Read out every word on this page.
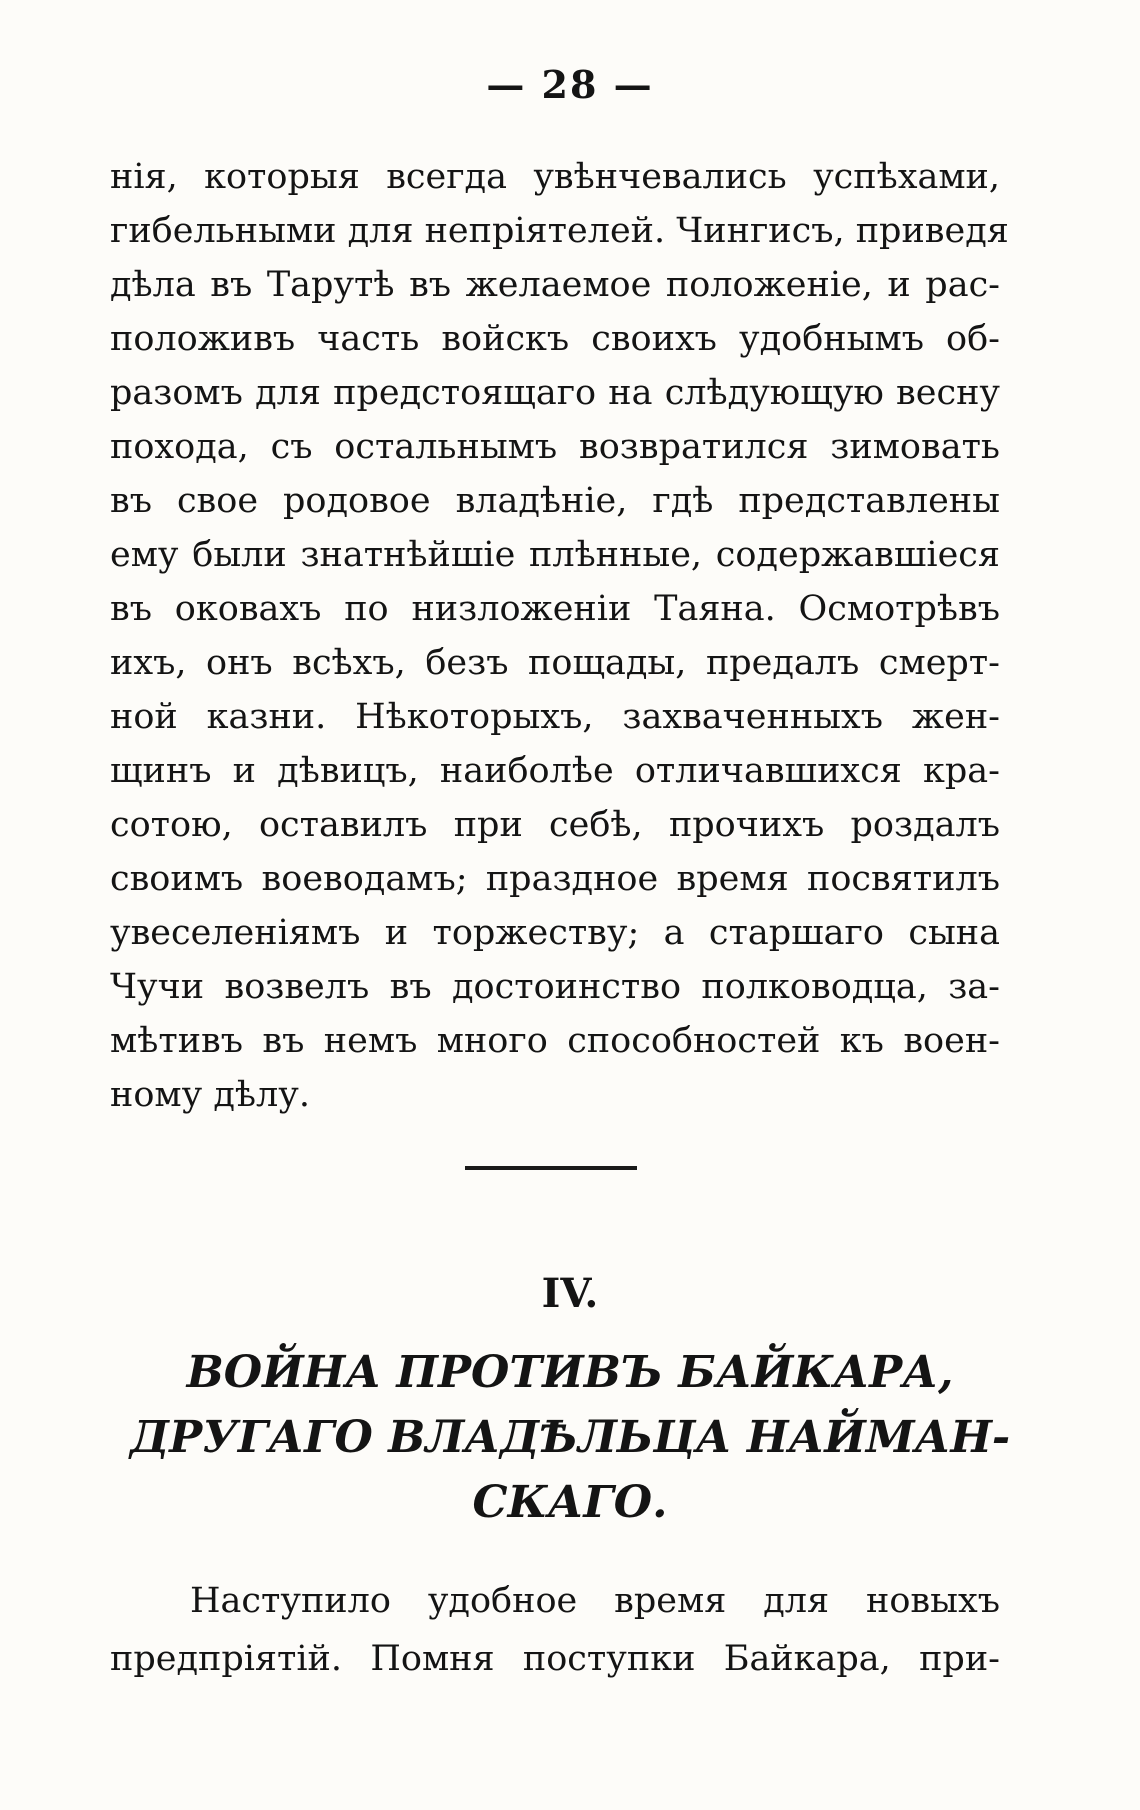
— 28 —
нія, которыя всегда увѣнчевались успѣхами,
гибельными для непріятелей. Чингисъ, приведя
дѣла въ Тарутѣ въ желаемое положеніе, и рас-
положивъ часть войскъ своихъ удобнымъ об-
разомъ для предстоящаго на слѣдующую весну
похода, съ остальнымъ возвратился зимовать
въ свое родовое владѣніе, гдѣ представлены
ему были знатнѣйшіе плѣнные, содержавшіеся
въ оковахъ по низложеніи Таяна. Осмотрѣвъ
ихъ, онъ всѣхъ, безъ пощады, предалъ смерт-
ной казни. Нѣкоторыхъ, захваченныхъ жен-
щинъ и дѣвицъ, наиболѣе отличавшихся кра-
сотою, оставилъ при себѣ, прочихъ роздалъ
своимъ воеводамъ; праздное время посвятилъ
увеселеніямъ и торжеству; а старшаго сына
Чучи возвелъ въ достоинство полководца, за-
мѣтивъ въ немъ много способностей къ воен-
ному дѣлу.
IV.
ВОЙНА ПРОТИВЪ БАЙКАРА,
ДРУГАГО ВЛАДѢЛЬЦА НАЙМАН-
СКАГО.
Наступило удобное время для новыхъ
предпріятій. Помня поступки Байкара, при-
